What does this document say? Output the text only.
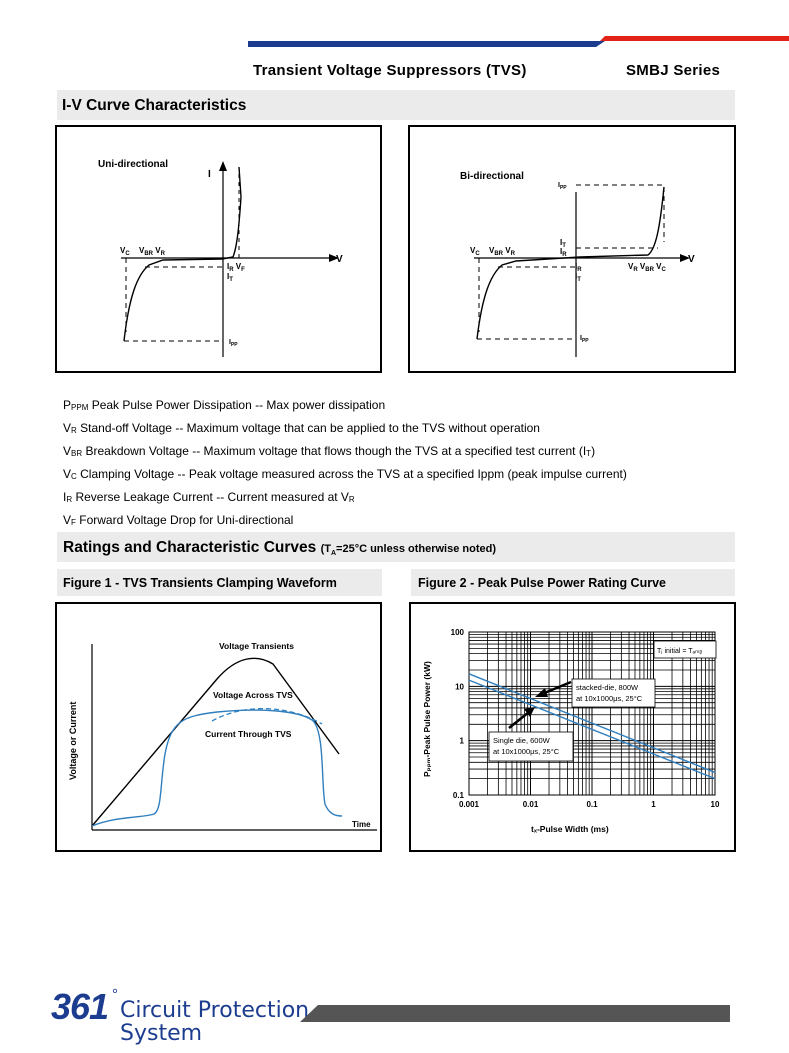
Transient Voltage Suppressors (TVS)	SMBJ Series
I-V Curve Characteristics
Uni-directional
I
V
$V_C$ $V_{BR}$ $V_R$
$I_R$ $V_F$
$I_T$
$I_{PP}$
Bi-directional
V
$V_C$ $V_{BR}$ $V_R$
$I_{PP}$
$I_T$
$I_R$
$I_R$
$I_T$
$V_R$ $V_{BR}$ $V_C$
$I_{PP}$
$P_{PPM}$ Peak Pulse Power Dissipation -- Max power dissipation
$V_R$ Stand-off Voltage -- Maximum voltage that can be applied to the TVS without operation
$V_{BR}$ Breakdown Voltage -- Maximum voltage that flows though the TVS at a specified test current $(I_T)$
$V_C$ Clamping Voltage -- Peak voltage measured across the TVS at a specified Ippm (peak impulse current)
$I_R$ Reverse Leakage Current -- Current measured at $V_R$
$V_F$ Forward Voltage Drop for Uni-directional
Ratings and Characteristic Curves ($T_A=25^\circ C$ unless otherwise noted)
Figure 1 - TVS Transients Clamping Waveform	Figure 2 - Peak Pulse Power Rating Curve
Voltage or Current
Time
Voltage Transients
Voltage Across TVS
Current Through TVS
0.001	0.01	0.1	1	10
100
10
1
0.1
Pₚₚₘ-Peak Pulse Power (kW)
tₓ-Pulse Width (ms)
Tⱼ initial = Tₐₘᵦ
stacked-die, 800W
at 10x1000μs, 25°C
Single die, 600W
at 10x1000μs, 25°C
361 °
Circuit Protection
System
